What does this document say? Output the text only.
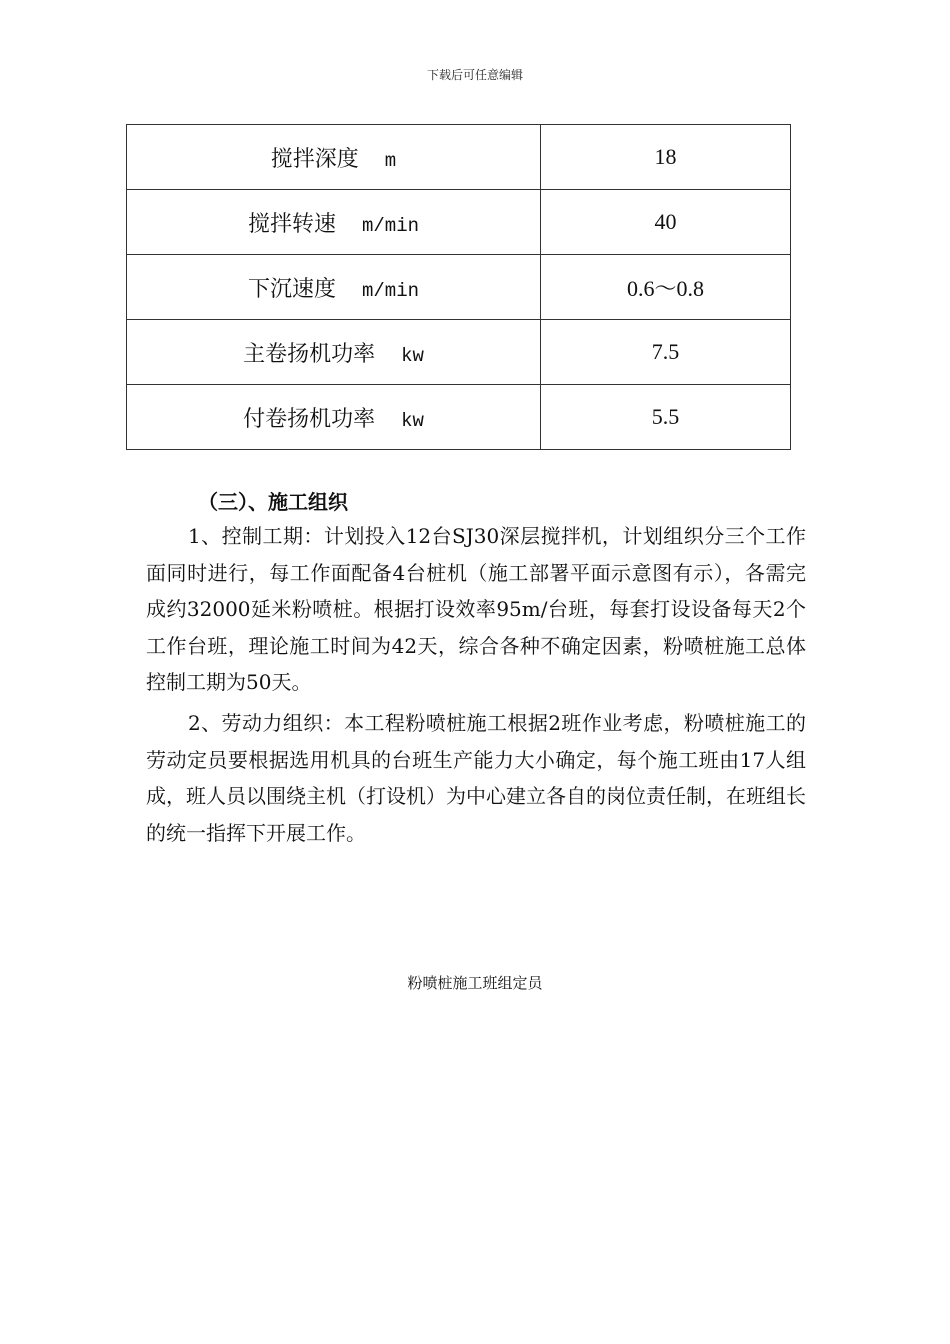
下载后可任意编辑
搅拌深度 m	18
搅拌转速 m/min	40
下沉速度 m/min	0.6～0.8
主卷扬机功率 kw	7.5
付卷扬机功率 kw	5.5
（三）、施工组织

1、控制工期：计划投入12台SJ30深层搅拌机，计划组织分三个工作面同时进行，每工作面配备4台桩机（施工部署平面示意图有示），各需完成约32000延米粉喷桩。根据打设效率95m/台班，每套打设设备每天2个工作台班，理论施工时间为42天，综合各种不确定因素，粉喷桩施工总体控制工期为50天。

2、劳动力组织：本工程粉喷桩施工根据2班作业考虑，粉喷桩施工的劳动定员要根据选用机具的台班生产能力大小确定，每个施工班由17人组成，班人员以围绕主机（打设机）为中心建立各自的岗位责任制，在班组长的统一指挥下开展工作。

粉喷桩施工班组定员
